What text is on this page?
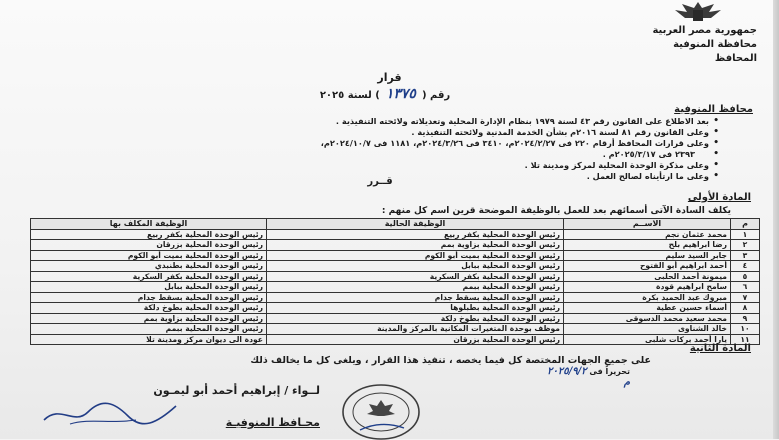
جمهورية مصر العربية
محافظة المنوفية
المحافظ
قرار
رقم (١٣٧٥) لسنة ٢٠٢٥
محافظ المنوفية
• بعد الاطلاع على القانون رقم ٤٣ لسنة ١٩٧٩ بنظام الإدارة المحلية وتعديلاته ولائحته التنفيذية .
• وعلى القانون رقم ٨١ لسنة ٢٠١٦م بشأن الخدمة المدنية ولائحته التنفيذية .
• وعلى قرارات المحافظ أرقام ٢٢٠ فى ٢٠٢٤/٢/٢٧م، ٣٤١٠ فى ٢٠٢٤/٣/٢٦م، ١١٨١ فى ٢٠٢٤/١٠/٧م،
• ٢٣٩٣ فى ٢٠٢٥/٣/١٧م .
• وعلى مذكرة الوحدة المحلية لمركز ومدينة تلا .
• وعلى ما ارتأيناه لصالح العمل .
قــرر
المادة الأولى
يكلف السادة الآتى أسمائهم بعد للعمل بالوظيفة الموضحة قرين اسم كل منهم :
م	الاســم	الوظيفة الحالية	الوظيفة المكلف بها
١	محمد عثمان نجم	رئيس الوحدة المحلية بكفر ربيع	رئيس الوحدة المحلية بكفر ربيع
٢	رضا ابراهيم بلح	رئيس الوحدة المحلية بزاوية بمم	رئيس الوحدة المحلية بزرقان
٣	جابر السيد سليم	رئيس الوحدة المحلية بميت أبو الكوم	رئيس الوحدة المحلية بميت أبو الكوم
٤	أحمد ابراهيم أبو الفتوح	رئيس الوحدة المحلية ببابل	رئيس الوحدة المحلية بطنبدي
٥	ميمونة أحمد الحلبى	رئيس الوحدة المحلية بكفر السكرية	رئيس الوحدة المحلية بكفر السكرية
٦	سامح ابراهيم قودة	رئيس الوحدة المحلية ببمم	رئيس الوحدة المحلية ببابل
٧	مبروك عبد الحميد بكرة	رئيس الوحدة المحلية بسقط جدام	رئيس الوحدة المحلية بسقط جدام
٨	أسماء حسين عطية	رئيس الوحدة المحلية بطبلوها	رئيس الوحدة المحلية بطوخ دلكة
٩	محمد سعيد محمد الدسوقى	رئيس الوحدة المحلية بطوخ دلكة	رئيس الوحدة المحلية بزاوية بمم
١٠	خالد الشناوى	موظف بوحدة المتغيرات المكانية بالمركز والمدينة	رئيس الوحدة المحلية ببمم
١١	يارا أحمد بركات شلبى	رئيس الوحدة المحلية بزرقان	عودة الى ديوان مركز ومدينة تلا
المادة الثانية
على جميع الجهات المختصة كل فيما يخصه ، تنفيذ هذا القرار ، ويلغى كل ما يخالف ذلك
تحريراً فى ٢٠٢٥/٩/٢ م
لــواء / إبراهيم أحمد أبو ليمـون
محـافظ المنوفيـة
